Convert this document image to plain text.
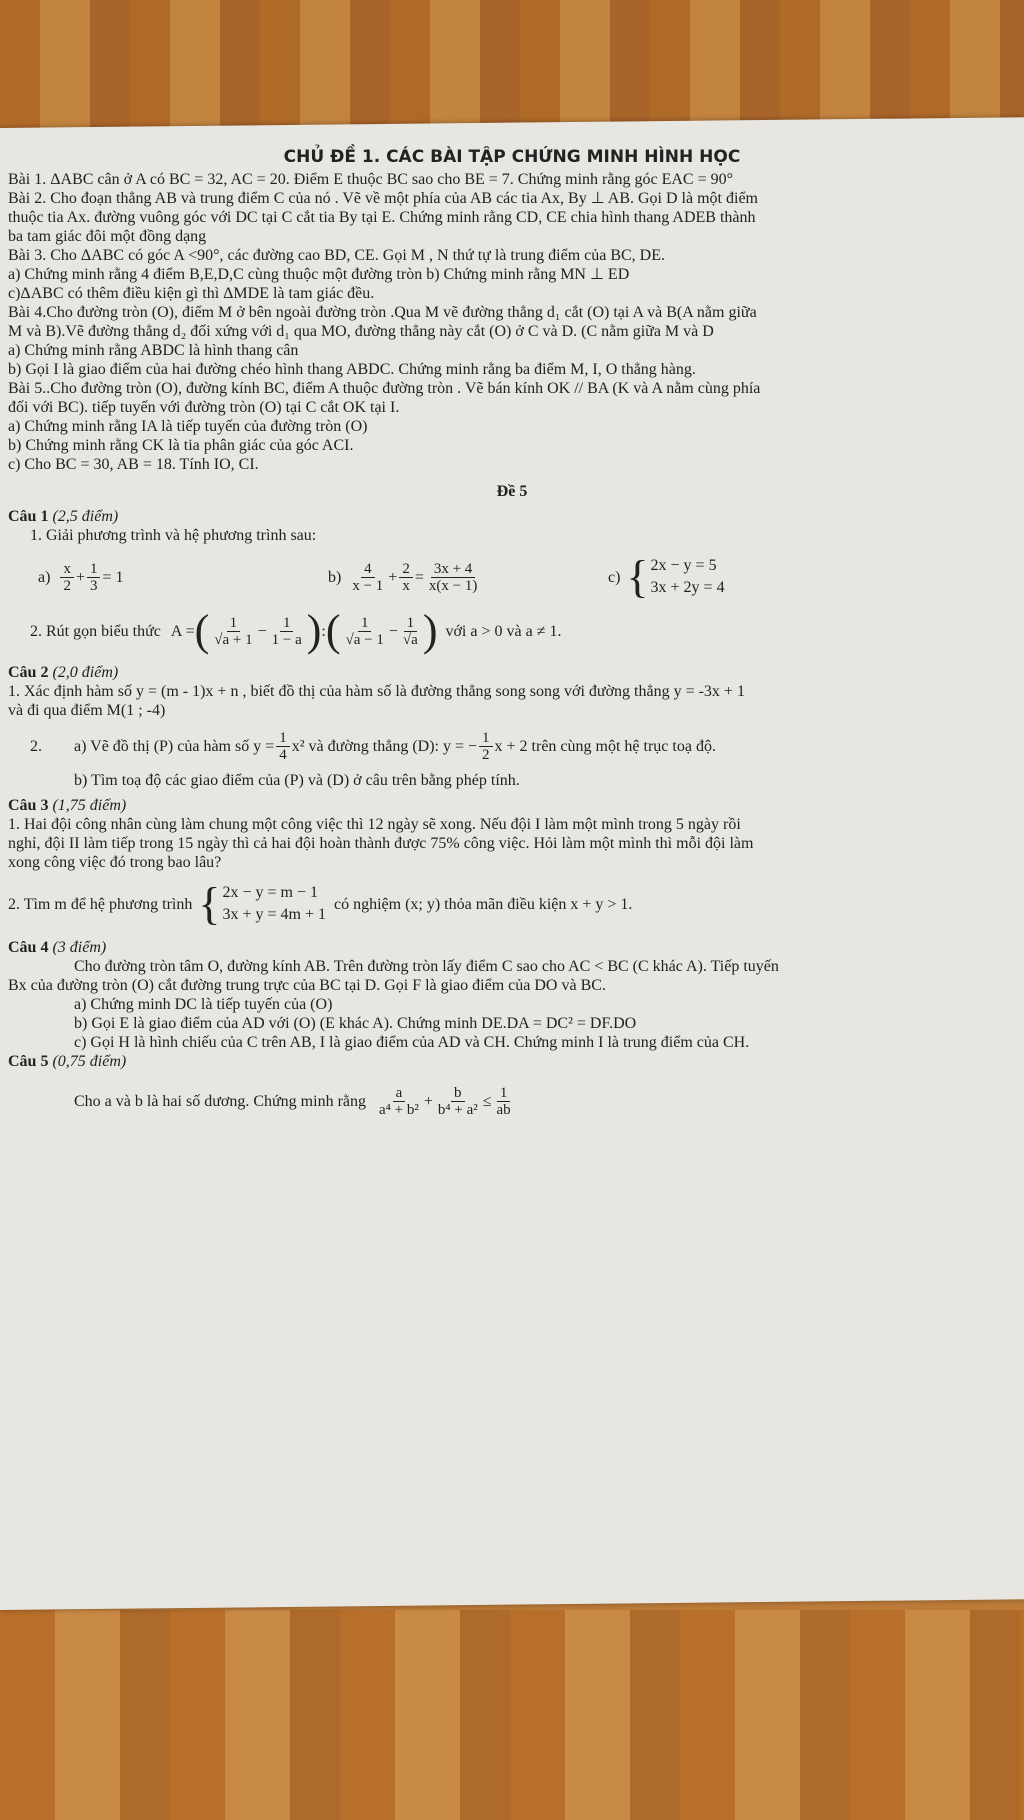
CHỦ ĐỀ 1. CÁC BÀI TẬP CHỨNG MINH HÌNH HỌC

Bài 1. ΔABC cân ở A có BC = 32, AC = 20. Điểm E thuộc BC sao cho BE = 7. Chứng minh rằng góc EAC = 90°

Bài 2. Cho đoạn thẳng AB và trung điểm C của nó . Vẽ về một phía của AB các tia Ax, By ⊥ AB. Gọi D là một điểm

thuộc tia Ax. đường vuông góc với DC tại C cắt tia By tại E. Chứng minh rằng CD, CE chia hình thang ADEB thành

ba tam giác đôi một đồng dạng

Bài 3. Cho ΔABC có góc A <90°, các đường cao BD, CE. Gọi M , N thứ tự là trung điểm của BC, DE.

a) Chứng minh rằng 4 điểm B,E,D,C cùng thuộc một đường tròn b) Chứng minh rằng MN ⊥ ED

c)ΔABC có thêm điều kiện gì thì ΔMDE là tam giác đều.

Bài 4.Cho đường tròn (O), điểm M ở bên ngoài đường tròn .Qua M vẽ đường thẳng d₁ cắt (O) tại A và B(A nằm giữa

M và B).Vẽ đường thẳng d₂ đối xứng với d₁ qua MO, đường thẳng này cắt (O) ở C và D. (C nằm giữa M và D

a) Chứng minh rằng ABDC là hình thang cân

b) Gọi I là giao điểm của hai đường chéo hình thang ABDC. Chứng minh rằng ba điểm M, I, O thẳng hàng.

Bài 5..Cho đường tròn (O), đường kính BC, điểm A thuộc đường tròn . Vẽ bán kính OK // BA (K và A nằm cùng phía

đối với BC). tiếp tuyến với đường tròn (O) tại C cắt OK tại I.

a) Chứng minh rằng IA là tiếp tuyến của đường tròn (O)

b) Chứng minh rằng CK là tia phân giác của góc ACI.

c) Cho BC = 30, AB = 18. Tính IO, CI.

Đề 5

Câu 1 (2,5 điểm)

1. Giải phương trình và hệ phương trình sau:

$a) \frac{x}{2} + \frac{1}{3} = 1$	$b) \frac{4}{x - 1} + \frac{2}{x} = \frac{3x + 4}{x(x - 1)}$	c) { 2x − y = 5
3x + 2y = 4
2. Rút gọn biểu thức A = ( $\frac{1}{√a + 1} - \frac{1}{1 - a}$ ) : ( $\frac{1}{√a - 1} - \frac{1}{√a}$ ) với a > 0 và a ≠ 1.

Câu 2 (2,0 điểm)

1. Xác định hàm số y = (m - 1)x + n , biết đồ thị của hàm số là đường thẳng song song với đường thẳng y = -3x + 1

và đi qua điểm M(1 ; -4)

2.	a) Vẽ đồ thị (P) của hàm số $y = \frac{1}{4} x^2$ và đường thẳng (D): y = − $\frac{1}{2}$ x + 2 trên cùng một hệ trục toạ độ.

b) Tìm toạ độ các giao điểm của (P) và (D) ở câu trên bằng phép tính.

Câu 3 (1,75 điểm)

1. Hai đội công nhân cùng làm chung một công việc thì 12 ngày sẽ xong. Nếu đội I làm một mình trong 5 ngày rồi

nghỉ, đội II làm tiếp trong 15 ngày thì cả hai đội hoàn thành được 75% công việc. Hỏi làm một mình thì mỗi đội làm

xong công việc đó trong bao lâu?

2. Tìm m để hệ phương trình { 2x − y = m − 1
3x + y = 4m + 1
có nghiệm (x; y) thỏa mãn điều kiện x + y > 1.

Câu 4 (3 điểm)

Cho đường tròn tâm O, đường kính AB. Trên đường tròn lấy điểm C sao cho AC < BC (C khác A). Tiếp tuyến

Bx của đường tròn (O) cắt đường trung trực của BC tại D. Gọi F là giao điểm của DO và BC.

a) Chứng minh DC là tiếp tuyến của (O)

b) Gọi E là giao điểm của AD với (O) (E khác A). Chứng minh DE.DA = DC² = DF.DO

c) Gọi H là hình chiếu của C trên AB, I là giao điểm của AD và CH. Chứng minh I là trung điểm của CH.

Câu 5 (0,75 điểm)

Cho a và b là hai số dương. Chứng minh rằng $\frac{a}{\text{a⁴ + b²}} + \frac{b}{\text{b⁴ + a²}} \le \frac{1}{ab}$
